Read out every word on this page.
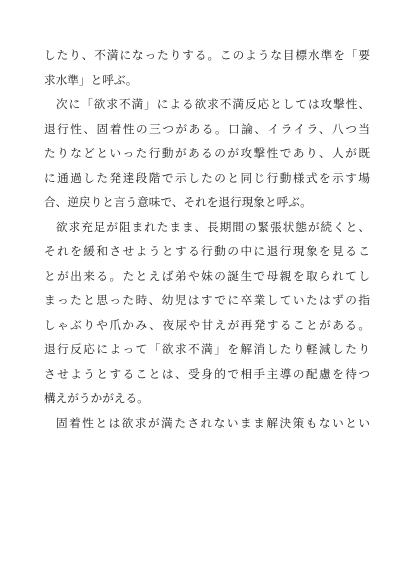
したり、不満になったりする。このような目標水準を「要
求水準」と呼ぶ。
次に「欲求不満」による欲求不満反応としては攻撃性、
退行性、固着性の三つがある。口論、イライラ、八つ当
たりなどといった行動があるのが攻撃性であり、人が既
に通過した発達段階で示したのと同じ行動様式を示す場
合、逆戻りと言う意味で、それを退行現象と呼ぶ。
欲求充足が阻まれたまま、長期間の緊張状態が続くと、
それを緩和させようとする行動の中に退行現象を見るこ
とが出来る。たとえば弟や妹の誕生で母親を取られてし
まったと思った時、幼児はすでに卒業していたはずの指
しゃぶりや爪かみ、夜尿や甘えが再発することがある。
退行反応によって「欲求不満」を解消したり軽減したり
させようとすることは、受身的で相手主導の配慮を待つ
構えがうかがえる。
固着性とは欲求が満たされないまま解決策もないとい
